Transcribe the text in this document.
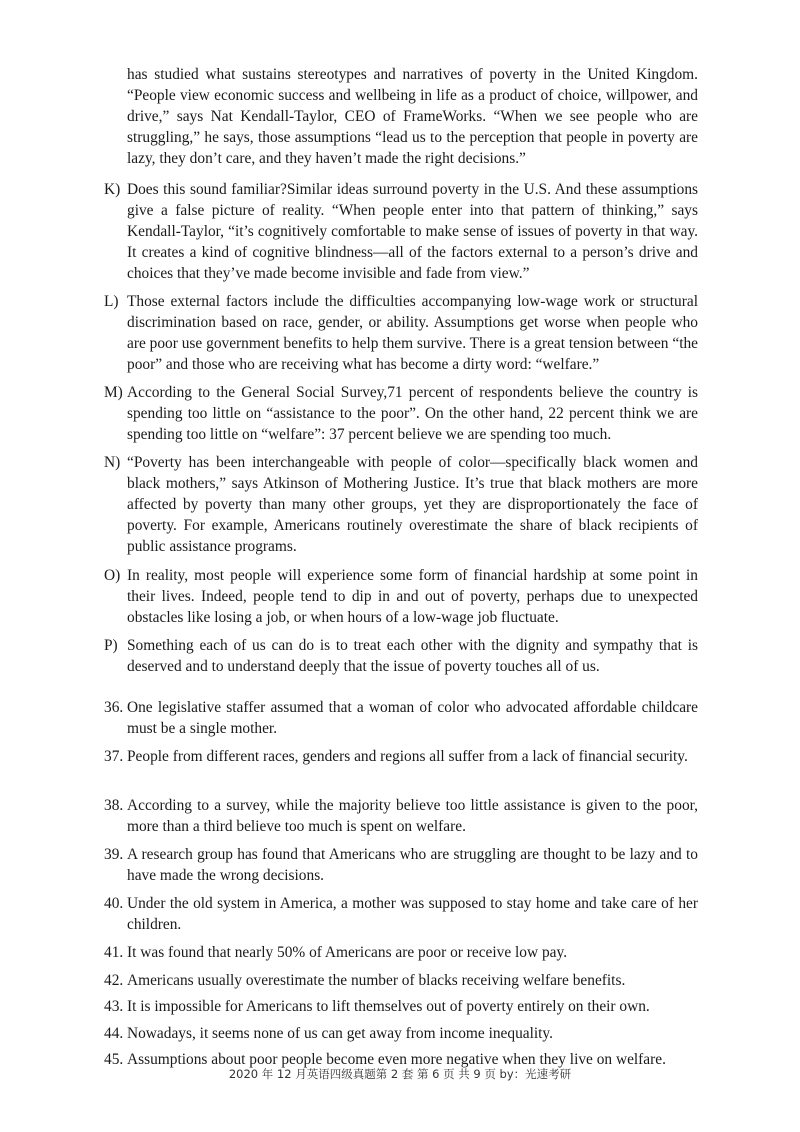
has studied what sustains stereotypes and narratives of poverty in the United Kingdom. “People view economic success and wellbeing in life as a product of choice, willpower, and drive,” says Nat Kendall-Taylor, CEO of FrameWorks. “When we see people who are struggling,” he says, those assumptions “lead us to the perception that people in poverty are lazy, they don’t care, and they haven’t made the right decisions.”
K) Does this sound familiar?Similar ideas surround poverty in the U.S. And these assumptions give a false picture of reality. “When people enter into that pattern of thinking,” says Kendall-Taylor, “it’s cognitively comfortable to make sense of issues of poverty in that way. It creates a kind of cognitive blindness—all of the factors external to a person’s drive and choices that they’ve made become invisible and fade from view.”
L) Those external factors include the difficulties accompanying low-wage work or structural discrimination based on race, gender, or ability. Assumptions get worse when people who are poor use government benefits to help them survive. There is a great tension between “the poor” and those who are receiving what has become a dirty word: “welfare.”
M) According to the General Social Survey,71 percent of respondents believe the country is spending too little on “assistance to the poor”. On the other hand, 22 percent think we are spending too little on “welfare”: 37 percent believe we are spending too much.
N) “Poverty has been interchangeable with people of color—specifically black women and black mothers,” says Atkinson of Mothering Justice. It’s true that black mothers are more affected by poverty than many other groups, yet they are disproportionately the face of poverty. For example, Americans routinely overestimate the share of black recipients of public assistance programs.
O) In reality, most people will experience some form of financial hardship at some point in their lives. Indeed, people tend to dip in and out of poverty, perhaps due to unexpected obstacles like losing a job, or when hours of a low-wage job fluctuate.
P) Something each of us can do is to treat each other with the dignity and sympathy that is deserved and to understand deeply that the issue of poverty touches all of us.
36. One legislative staffer assumed that a woman of color who advocated affordable childcare must be a single mother.
37. People from different races, genders and regions all suffer from a lack of financial security.
38. According to a survey, while the majority believe too little assistance is given to the poor, more than a third believe too much is spent on welfare.
39. A research group has found that Americans who are struggling are thought to be lazy and to have made the wrong decisions.
40. Under the old system in America, a mother was supposed to stay home and take care of her children.
41. It was found that nearly 50% of Americans are poor or receive low pay.
42. Americans usually overestimate the number of blacks receiving welfare benefits.
43. It is impossible for Americans to lift themselves out of poverty entirely on their own.
44. Nowadays, it seems none of us can get away from income inequality.
45. Assumptions about poor people become even more negative when they live on welfare.
2020 年 12 月英语四级真题第 2 套 第 6 页 共 9 页 by：光速考研
